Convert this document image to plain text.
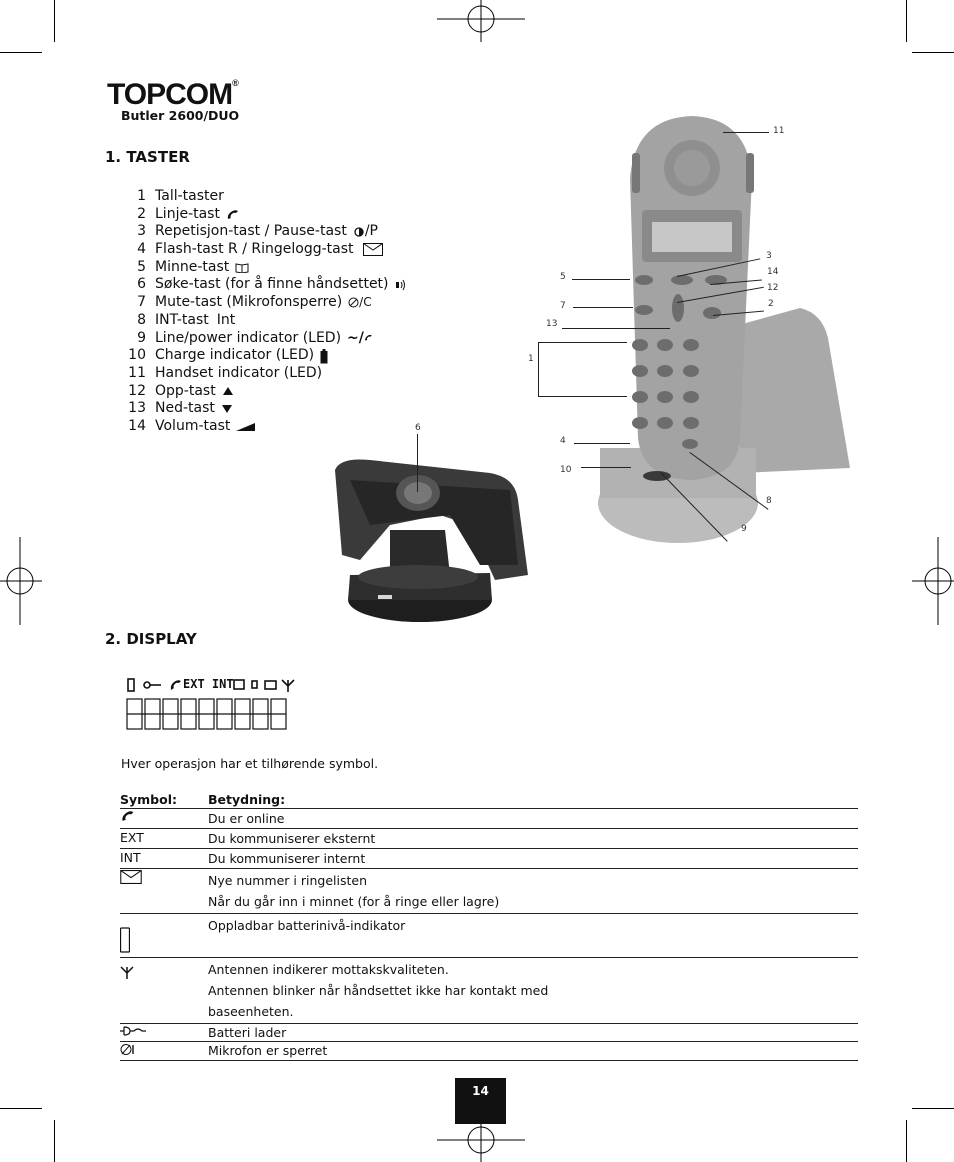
TOPCOM®
Butler 2600/DUO
1. TASTER
1 Tall-taster
2 Linje-tast
3 Repetisjon-tast / Pause-tast /P
4 Flash-tast R / Ringelogg-tast
5 Minne-tast
6 Søke-tast (for å finne håndsettet)
7 Mute-tast (Mikrofonsperre) /C
8 INT-tast Int
9 Line/power indicator (LED) ~/
10 Charge indicator (LED)
11 Handset indicator (LED)
12 Opp-tast
13 Ned-tast
14 Volum-tast
11
3
14
12
2
5
7
13
1
6
4
10
8
9
2. DISPLAY
EXT INT
Hver operasjon har et tilhørende symbol.
Symbol:	Betydning:

Du er online

EXT	Du kommuniserer eksternt

INT	Du kommuniserer internt

Nye nummer i ringelisten
Når du går inn i minnet (for å ringe eller lagre)

Oppladbar batterinivå-indikator

Antennen indikerer mottakskvaliteten.
Antennen blinker når håndsettet ikke har kontakt med
baseenheten.

Batteri lader

Mikrofon er sperret
14
